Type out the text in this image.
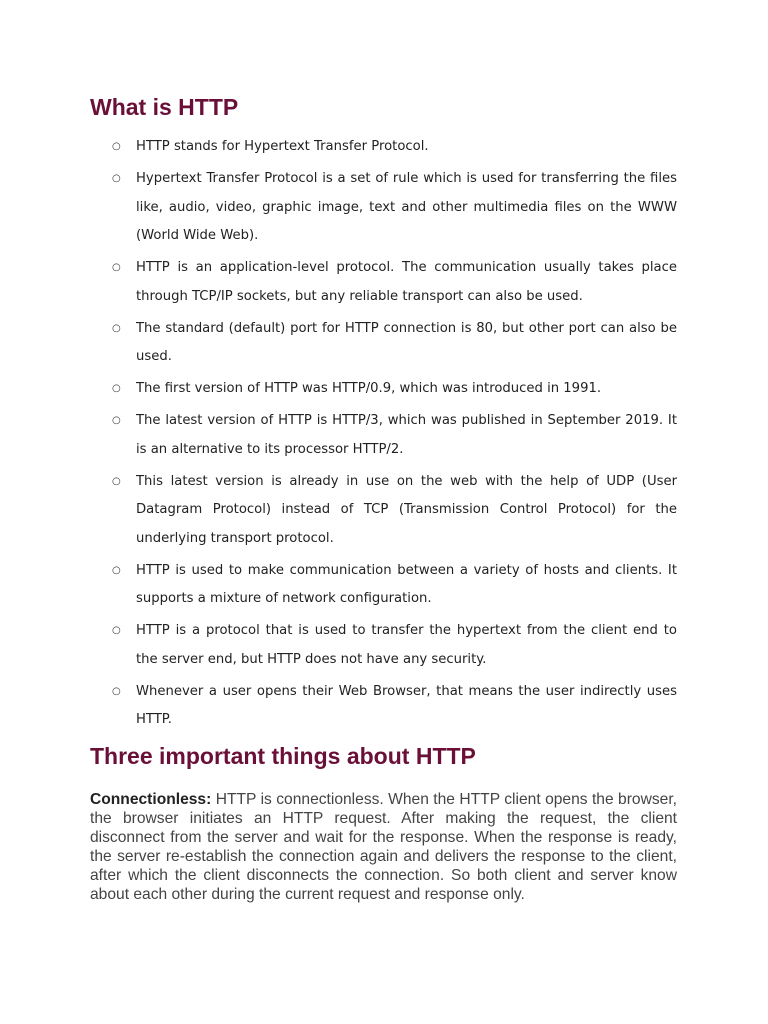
What is HTTP
○ HTTP stands for Hypertext Transfer Protocol.
○ Hypertext Transfer Protocol is a set of rule which is used for transferring the files like, audio, video, graphic image, text and other multimedia files on the WWW (World Wide Web).
○ HTTP is an application-level protocol. The communication usually takes place through TCP/IP sockets, but any reliable transport can also be used.
○ The standard (default) port for HTTP connection is 80, but other port can also be used.
○ The first version of HTTP was HTTP/0.9, which was introduced in 1991.
○ The latest version of HTTP is HTTP/3, which was published in September 2019. It is an alternative to its processor HTTP/2.
○ This latest version is already in use on the web with the help of UDP (User Datagram Protocol) instead of TCP (Transmission Control Protocol) for the underlying transport protocol.
○ HTTP is used to make communication between a variety of hosts and clients. It supports a mixture of network configuration.
○ HTTP is a protocol that is used to transfer the hypertext from the client end to the server end, but HTTP does not have any security.
○ Whenever a user opens their Web Browser, that means the user indirectly uses HTTP.
Three important things about HTTP

Connectionless: HTTP is connectionless. When the HTTP client opens the browser, the browser initiates an HTTP request. After making the request, the client disconnect from the server and wait for the response. When the response is ready, the server re-establish the connection again and delivers the response to the client, after which the client disconnects the connection. So both client and server know about each other during the current request and response only.
